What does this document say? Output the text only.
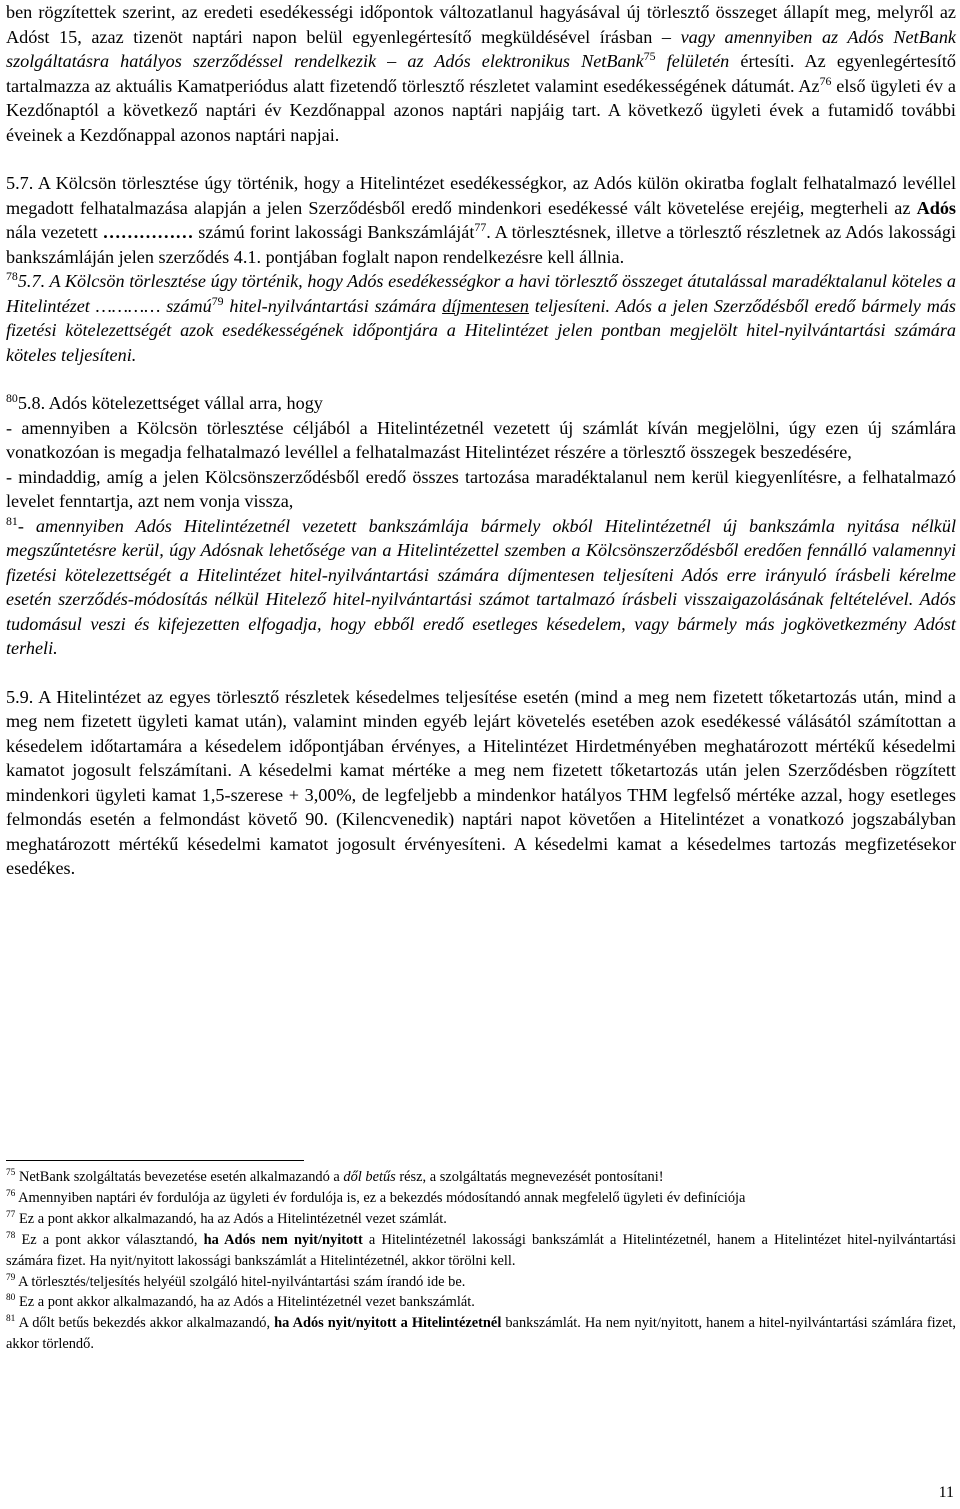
ben rögzítettek szerint, az eredeti esedékességi időpontok változatlanul hagyásával új törlesztő összeget állapít meg, melyről az Adóst 15, azaz tizenöt naptári napon belül egyenlegértesítő megküldésével írásban – vagy amennyiben az Adós NetBank szolgáltatásra hatályos szerződéssel rendelkezik – az Adós elektronikus NetBank$^{75}$ felületén értesíti. Az egyenlegértesítő tartalmazza az aktuális Kamatperiódus alatt fizetendő törlesztő részletet valamint esedékességének dátumát. Az$^{76}$ első ügyleti év a Kezdőnaptól a következő naptári év Kezdőnappal azonos naptári napjáig tart. A következő ügyleti évek a futamidő további éveinek a Kezdőnappal azonos naptári napjai.

5.7. A Kölcsön törlesztése úgy történik, hogy a Hitelintézet esedékességkor, az Adós külön okiratba foglalt felhatalmazó levéllel megadott felhatalmazása alapján a jelen Szerződésből eredő mindenkori esedékessé vált követelése erejéig, megterheli az Adós nála vezetett …………… számú forint lakossági Bankszámláját$^{77}$. A törlesztésnek, illetve a törlesztő részletnek az Adós lakossági bankszámláján jelen szerződés 4.1. pontjában foglalt napon rendelkezésre kell állnia.

$^{78}$5.7. A Kölcsön törlesztése úgy történik, hogy Adós esedékességkor a havi törlesztő összeget átutalással maradéktalanul köteles a Hitelintézet ………… számú$^{79}$ hitel-nyilvántartási számára díjmentesen teljesíteni. Adós a jelen Szerződésből eredő bármely más fizetési kötelezettségét azok esedékességének időpontjára a Hitelintézet jelen pontban megjelölt hitel-nyilvántartási számára köteles teljesíteni.

$^{80}$5.8. Adós kötelezettséget vállal arra, hogy

- amennyiben a Kölcsön törlesztése céljából a Hitelintézetnél vezetett új számlát kíván megjelölni, úgy ezen új számlára vonatkozóan is megadja felhatalmazó levéllel a felhatalmazást Hitelintézet részére a törlesztő összegek beszedésére,

- mindaddig, amíg a jelen Kölcsönszerződésből eredő összes tartozása maradéktalanul nem kerül kiegyenlítésre, a felhatalmazó levelet fenntartja, azt nem vonja vissza,

$^{81}$- amennyiben Adós Hitelintézetnél vezetett bankszámlája bármely okból Hitelintézetnél új bankszámla nyitása nélkül megszűntetésre kerül, úgy Adósnak lehetősége van a Hitelintézettel szemben a Kölcsönszerződésből eredően fennálló valamennyi fizetési kötelezettségét a Hitelintézet hitel-nyilvántartási számára díjmentesen teljesíteni Adós erre irányuló írásbeli kérelme esetén szerződés-módosítás nélkül Hitelező hitel-nyilvántartási számot tartalmazó írásbeli visszaigazolásának feltételével. Adós tudomásul veszi és kifejezetten elfogadja, hogy ebből eredő esetleges késedelem, vagy bármely más jogkövetkezmény Adóst terheli.

5.9. A Hitelintézet az egyes törlesztő részletek késedelmes teljesítése esetén (mind a meg nem fizetett tőketartozás után, mind a meg nem fizetett ügyleti kamat után), valamint minden egyéb lejárt követelés esetében azok esedékessé válásától számítottan a késedelem időtartamára a késedelem időpontjában érvényes, a Hitelintézet Hirdetményében meghatározott mértékű késedelmi kamatot jogosult felszámítani. A késedelmi kamat mértéke a meg nem fizetett tőketartozás után jelen Szerződésben rögzített mindenkori ügyleti kamat 1,5-szerese + 3,00%, de legfeljebb a mindenkor hatályos THM legfelső mértéke azzal, hogy esetleges felmondás esetén a felmondást követő 90. (Kilencvenedik) naptári napot követően a Hitelintézet a vonatkozó jogszabályban meghatározott mértékű késedelmi kamatot jogosult érvényesíteni. A késedelmi kamat a késedelmes tartozás megfizetésekor esedékes.

$^{75}$ NetBank szolgáltatás bevezetése esetén alkalmazandó a dől betűs rész, a szolgáltatás megnevezését pontosítani!

$^{76}$ Amennyiben naptári év fordulója az ügyleti év fordulója is, ez a bekezdés módosítandó annak megfelelő ügyleti év definíciója

$^{77}$ Ez a pont akkor alkalmazandó, ha az Adós a Hitelintézetnél vezet számlát.

$^{78}$ Ez a pont akkor választandó, ha Adós nem nyit/nyitott a Hitelintézetnél lakossági bankszámlát a Hitelintézetnél, hanem a Hitelintézet hitel-nyilvántartási számára fizet. Ha nyit/nyitott lakossági bankszámlát a Hitelintézetnél, akkor törölni kell.

$^{79}$ A törlesztés/teljesítés helyéül szolgáló hitel-nyilvántartási szám írandó ide be.

$^{80}$ Ez a pont akkor alkalmazandó, ha az Adós a Hitelintézetnél vezet bankszámlát.

$^{81}$ A dőlt betűs bekezdés akkor alkalmazandó, ha Adós nyit/nyitott a Hitelintézetnél bankszámlát. Ha nem nyit/nyitott, hanem a hitel-nyilvántartási számlára fizet, akkor törlendő.

11
